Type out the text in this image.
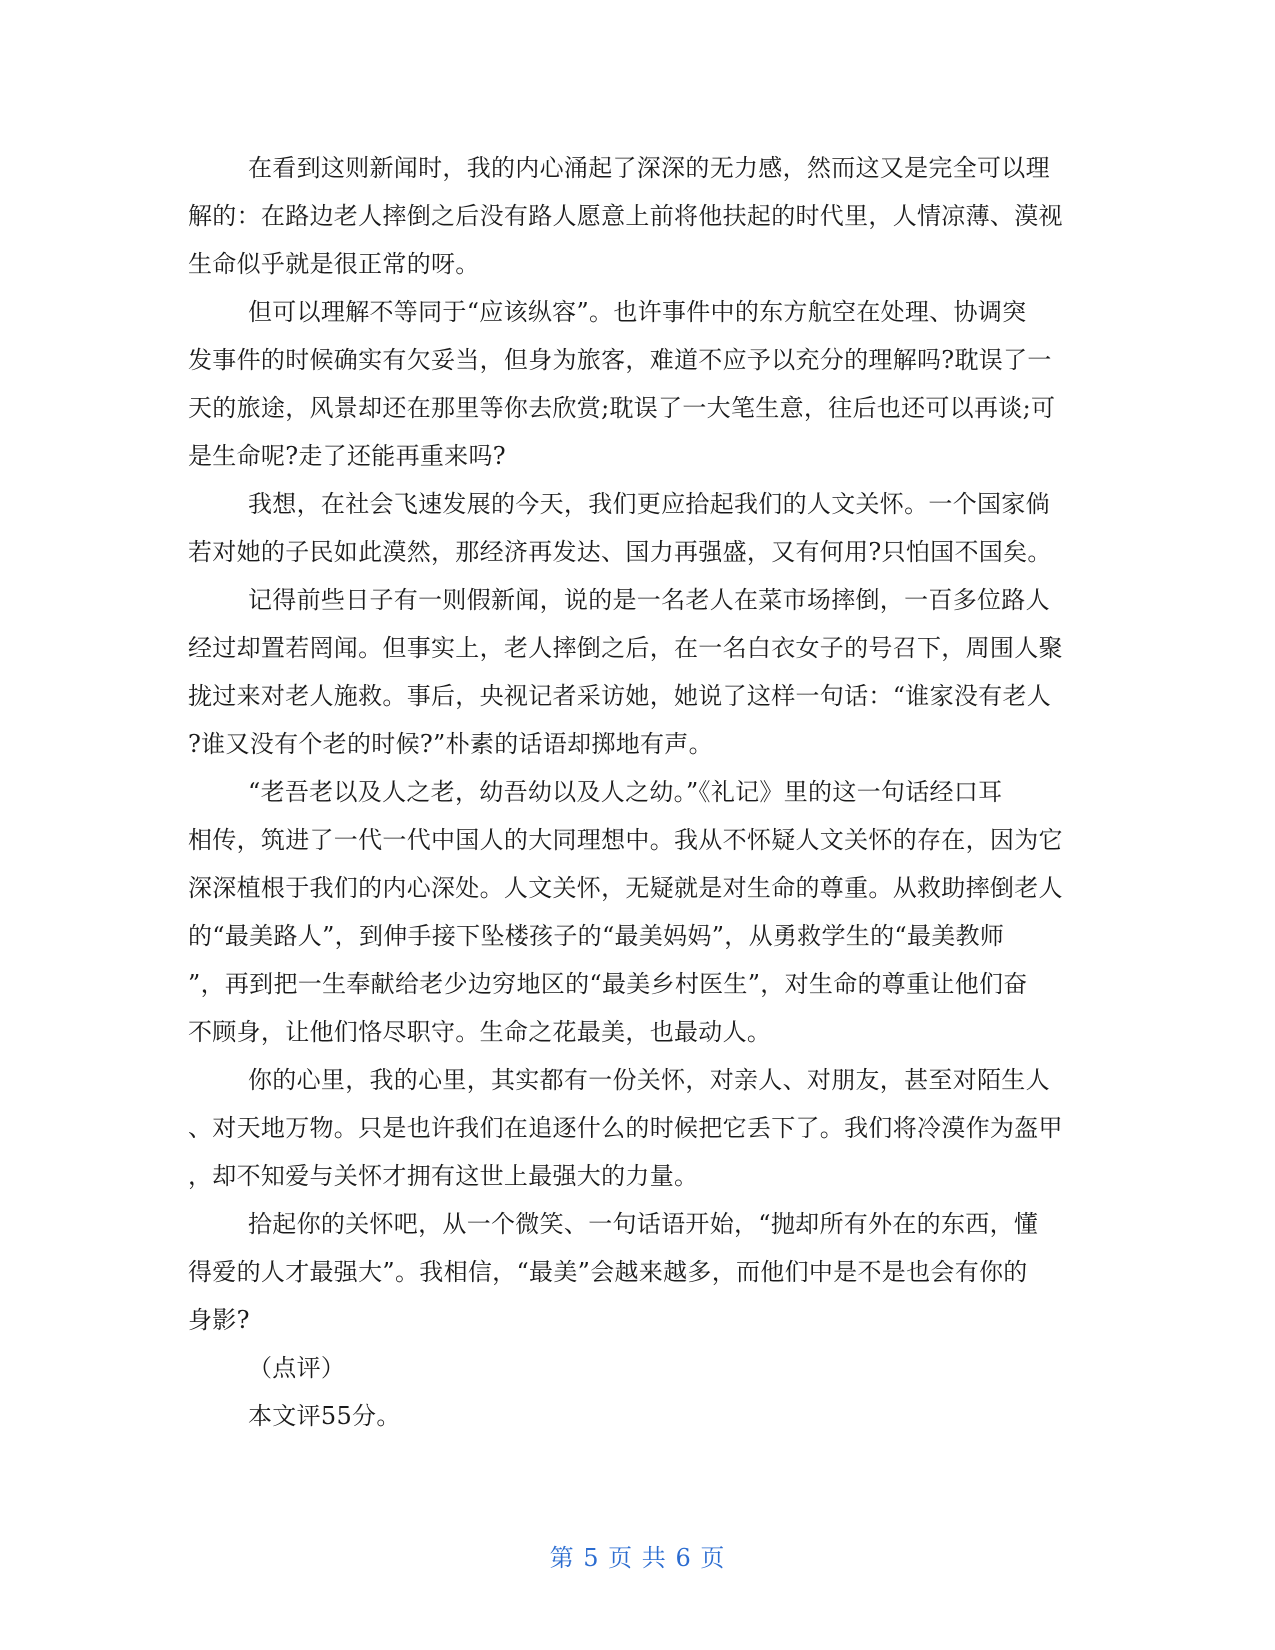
在看到这则新闻时，我的内心涌起了深深的无力感，然而这又是完全可以理
解的：在路边老人摔倒之后没有路人愿意上前将他扶起的时代里，人情凉薄、漠视
生命似乎就是很正常的呀。
但可以理解不等同于“应该纵容”。也许事件中的东方航空在处理、协调突
发事件的时候确实有欠妥当，但身为旅客，难道不应予以充分的理解吗?耽误了一
天的旅途，风景却还在那里等你去欣赏;耽误了一大笔生意，往后也还可以再谈;可
是生命呢?走了还能再重来吗?
我想，在社会飞速发展的今天，我们更应拾起我们的人文关怀。一个国家倘
若对她的子民如此漠然，那经济再发达、国力再强盛，又有何用?只怕国不国矣。
记得前些日子有一则假新闻，说的是一名老人在菜市场摔倒，一百多位路人
经过却置若罔闻。但事实上，老人摔倒之后，在一名白衣女子的号召下，周围人聚
拢过来对老人施救。事后，央视记者采访她，她说了这样一句话：“谁家没有老人
?谁又没有个老的时候?”朴素的话语却掷地有声。
“老吾老以及人之老，幼吾幼以及人之幼。”《礼记》里的这一句话经口耳
相传，筑进了一代一代中国人的大同理想中。我从不怀疑人文关怀的存在，因为它
深深植根于我们的内心深处。人文关怀，无疑就是对生命的尊重。从救助摔倒老人
的“最美路人”，到伸手接下坠楼孩子的“最美妈妈”，从勇救学生的“最美教师
”，再到把一生奉献给老少边穷地区的“最美乡村医生”，对生命的尊重让他们奋
不顾身，让他们恪尽职守。生命之花最美，也最动人。
你的心里，我的心里，其实都有一份关怀，对亲人、对朋友，甚至对陌生人
、对天地万物。只是也许我们在追逐什么的时候把它丢下了。我们将冷漠作为盔甲
，却不知爱与关怀才拥有这世上最强大的力量。
拾起你的关怀吧，从一个微笑、一句话语开始，“抛却所有外在的东西，懂
得爱的人才最强大”。我相信，“最美”会越来越多，而他们中是不是也会有你的
身影?
（点评）
本文评55分。
第 5 页 共 6 页
